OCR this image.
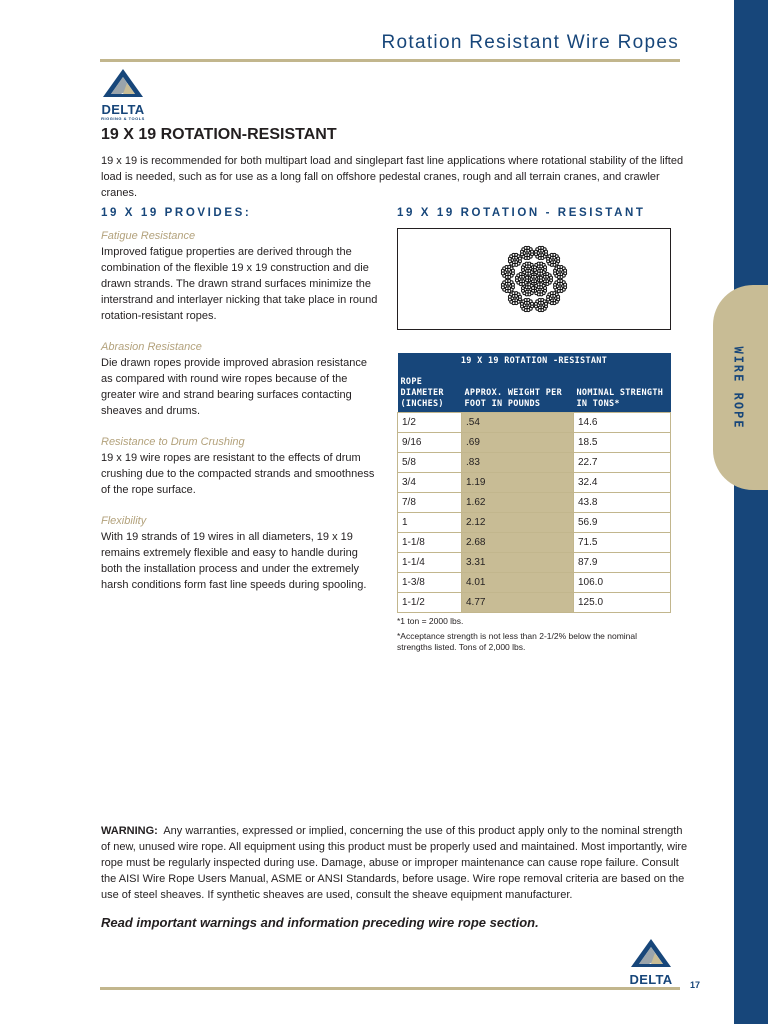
WIRE ROPE
Rotation Resistant Wire Ropes
DELTA
RIGGING & TOOLS
19 X 19 ROTATION-RESISTANT
19 x 19 is recommended for both multipart load and singlepart fast line applications where rotational stability of the lifted load is needed, such as for use as a long fall on offshore pedestal cranes, rough and all terrain cranes, and crawler cranes.
19 X 19 PROVIDES:	19 X 19 ROTATION - RESISTANT
Fatigue Resistance

Improved fatigue properties are derived through the combination of the flexible 19 x 19 construction and die drawn strands. The drawn strand surfaces minimize the interstrand and interlayer nicking that take place in round rotation-resistant ropes.

Abrasion Resistance

Die drawn ropes provide improved abrasion resistance as compared with round wire ropes because of the greater wire and strand bearing surfaces contacting sheaves and drums.

Resistance to Drum Crushing

19 x 19 wire ropes are resistant to the effects of drum crushing due to the compacted strands and smoothness of the rope surface.

Flexibility

With 19 strands of 19 wires in all diameters, 19 x 19 remains extremely flexible and easy to handle during both the installation process and under the extremely harsh conditions form fast line speeds during spooling.

19 X 19 ROTATION -RESISTANT		
ROPE DIAMETER (INCHES)	APPROX. WEIGHT PER FOOT IN POUNDS	NOMINAL STRENGTH IN TONS*
1/2	.54	14.6
9/16	.69	18.5
5/8	.83	22.7
3/4	1.19	32.4
7/8	1.62	43.8
1	2.12	56.9
1-1/8	2.68	71.5
1-1/4	3.31	87.9
1-3/8	4.01	106.0
1-1/2	4.77	125.0

*1 ton = 2000 lbs.

*Acceptance strength is not less than 2-1/2% below the nominal strengths listed. Tons of 2,000 lbs.

WARNING: Any warranties, expressed or implied, concerning the use of this product apply only to the nominal strength of new, unused wire rope. All equipment using this product must be properly used and maintained. Most importantly, wire rope must be regularly inspected during use. Damage, abuse or improper maintenance can cause rope failure. Consult the AISI Wire Rope Users Manual, ASME or ANSI Standards, before usage. Wire rope removal criteria are based on the use of steel sheaves. If synthetic sheaves are used, consult the sheave equipment manufacturer.
Read important warnings and information preceding wire rope section.
DELTA 17
